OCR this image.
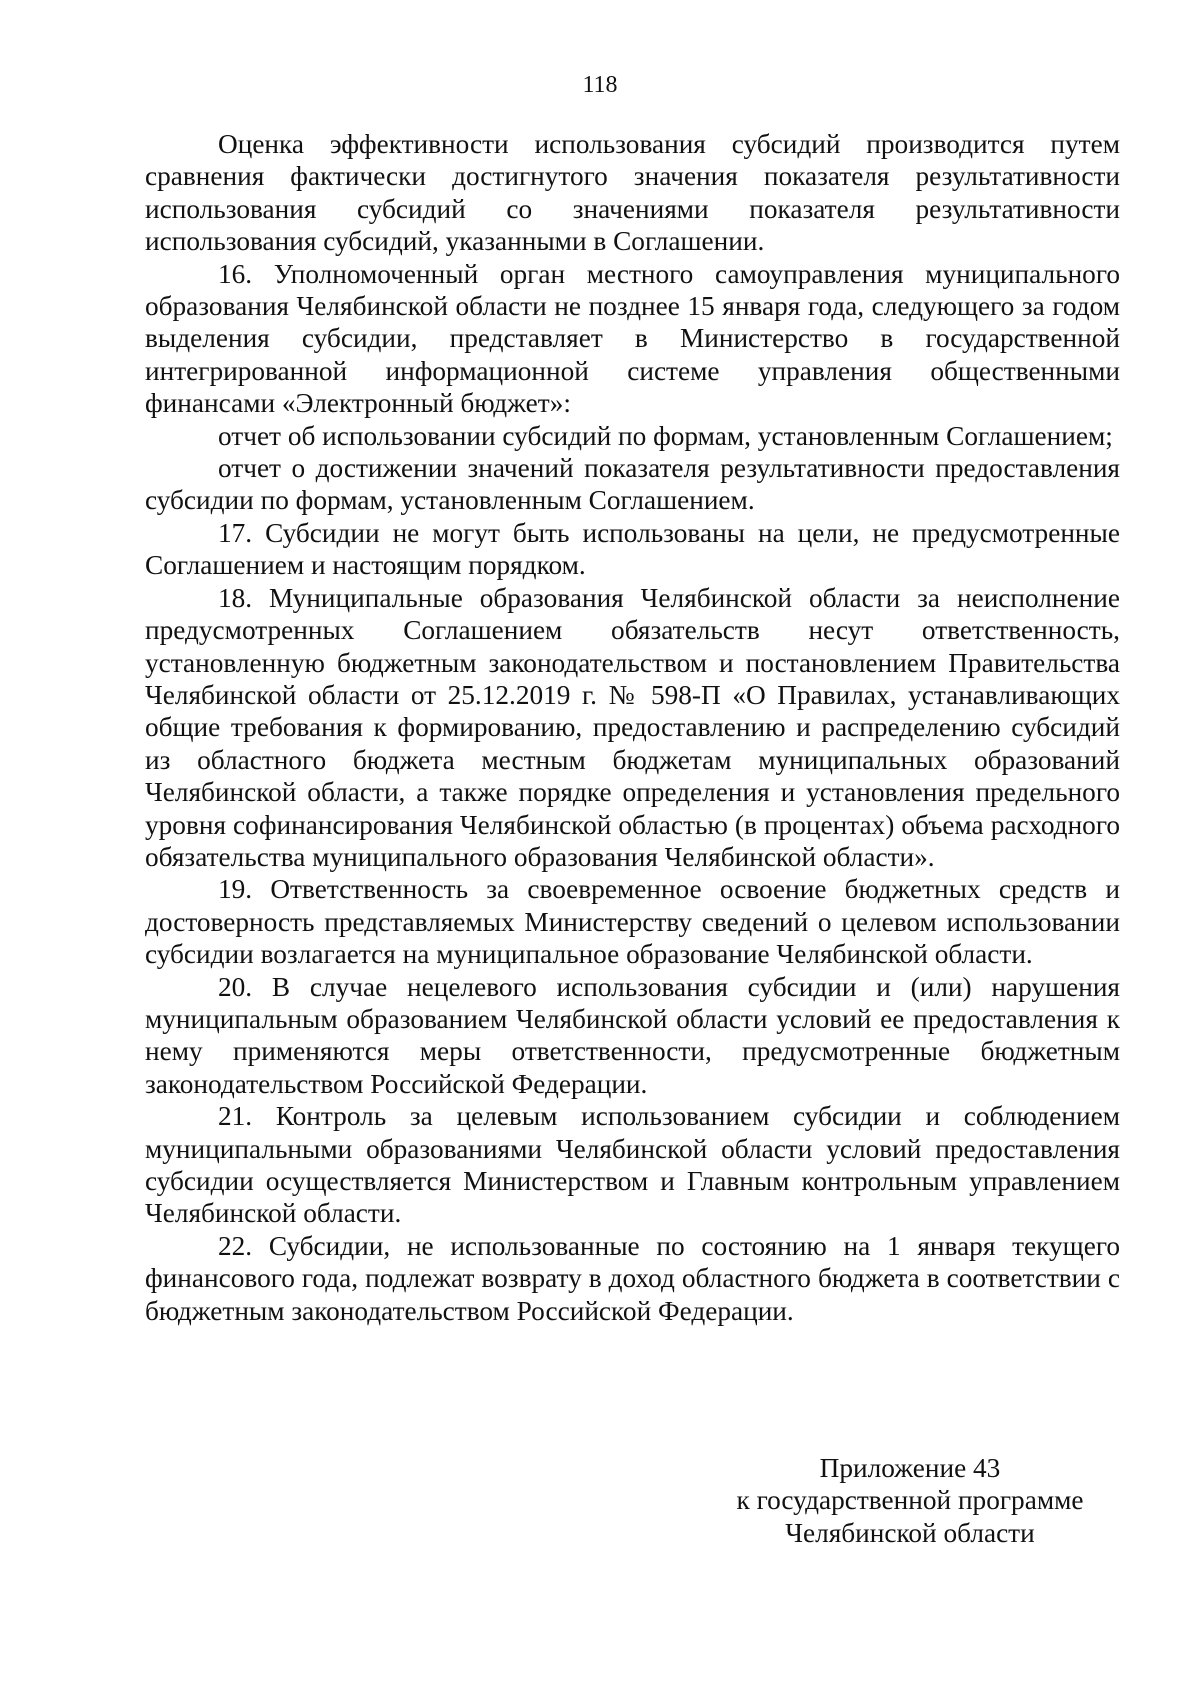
118

Оценка эффективности использования субсидий производится путем сравнения фактически достигнутого значения показателя результативности использования субсидий со значениями показателя результативности использования субсидий, указанными в Соглашении.

16. Уполномоченный орган местного самоуправления муниципального образования Челябинской области не позднее 15 января года, следующего за годом выделения субсидии, представляет в Министерство в государственной интегрированной информационной системе управления общественными финансами «Электронный бюджет»:

отчет об использовании субсидий по формам, установленным Соглашением;

отчет о достижении значений показателя результативности предоставления субсидии по формам, установленным Соглашением.

17. Субсидии не могут быть использованы на цели, не предусмотренные Соглашением и настоящим порядком.

18. Муниципальные образования Челябинской области за неисполнение предусмотренных Соглашением обязательств несут ответственность, установленную бюджетным законодательством и постановлением Правительства Челябинской области от 25.12.2019 г. № 598-П «О Правилах, устанавливающих общие требования к формированию, предоставлению и распределению субсидий из областного бюджета местным бюджетам муниципальных образований Челябинской области, а также порядке определения и установления предельного уровня софинансирования Челябинской областью (в процентах) объема расходного обязательства муниципального образования Челябинской области».

19. Ответственность за своевременное освоение бюджетных средств и достоверность представляемых Министерству сведений о целевом использовании субсидии возлагается на муниципальное образование Челябинской области.

20. В случае нецелевого использования субсидии и (или) нарушения муниципальным образованием Челябинской области условий ее предоставления к нему применяются меры ответственности, предусмотренные бюджетным законодательством Российской Федерации.

21. Контроль за целевым использованием субсидии и соблюдением муниципальными образованиями Челябинской области условий предоставления субсидии осуществляется Министерством и Главным контрольным управлением Челябинской области.

22. Субсидии, не использованные по состоянию на 1 января текущего финансового года, подлежат возврату в доход областного бюджета в соответствии с бюджетным законодательством Российской Федерации.

Приложение 43
к государственной программе
Челябинской области
